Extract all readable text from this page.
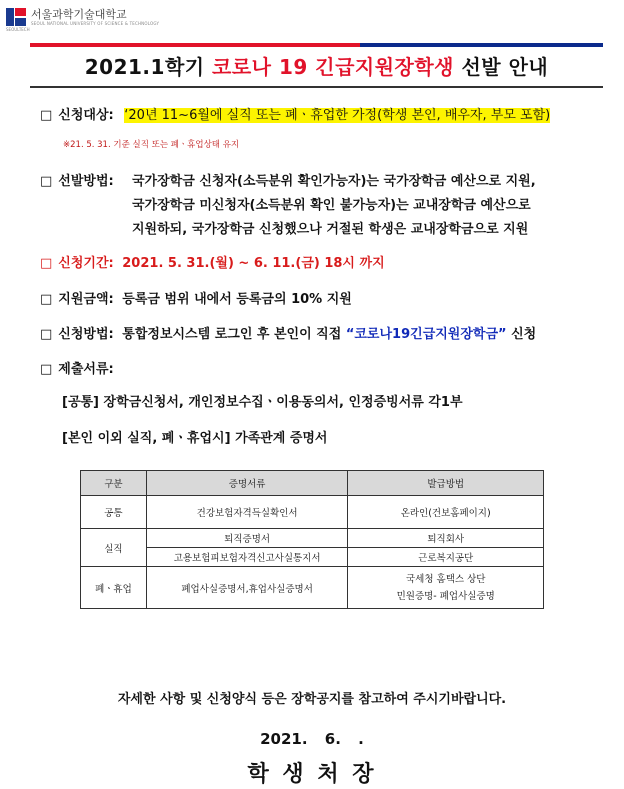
서울과학기술대학교
SEOUL NATIONAL UNIVERSITY OF SCIENCE & TECHNOLOGY
SEOULTECH
2021.1학기 코로나 19 긴급지원장학생 선발 안내
□ 신청대상: ‘20년 11~6월에 실직 또는 폐ㆍ휴업한 가정(학생 본인, 배우자, 부모 포함)
※21. 5. 31. 기준 실직 또는 폐ㆍ휴업상태 유지
□ 선발방법: 국가장학금 신청자(소득분위 확인가능자)는 국가장학금 예산으로 지원,
국가장학금 미신청자(소득분위 확인 불가능자)는 교내장학금 예산으로
지원하되, 국가장학금 신청했으나 거절된 학생은 교내장학금으로 지원
□ 신청기간: 2021. 5. 31.(월) ~ 6. 11.(금) 18시 까지
□ 지원금액: 등록금 범위 내에서 등록금의 10% 지원
□ 신청방법: 통합정보시스템 로그인 후 본인이 직접 “코로나19긴급지원장학금” 신청
□ 제출서류:
[공통] 장학금신청서, 개인정보수집ㆍ이용동의서, 인정증빙서류 각1부
[본인 이외 실직, 폐ㆍ휴업시] 가족관계 증명서
구분	증명서류	발급방법
공통	건강보험자격득실확인서	온라인(건보홈페이지)
실직	퇴직증명서	퇴직회사
	고용보험피보험자격신고사실통지서	근로복지공단
폐ㆍ휴업	폐업사실증명서,휴업사실증명서	국세청 홈택스 상단
민원증명- 폐업사실증명
자세한 사항 및 신청양식 등은 장학공지를 참고하여 주시기바랍니다.
2021. 6. .
학 생 처 장
